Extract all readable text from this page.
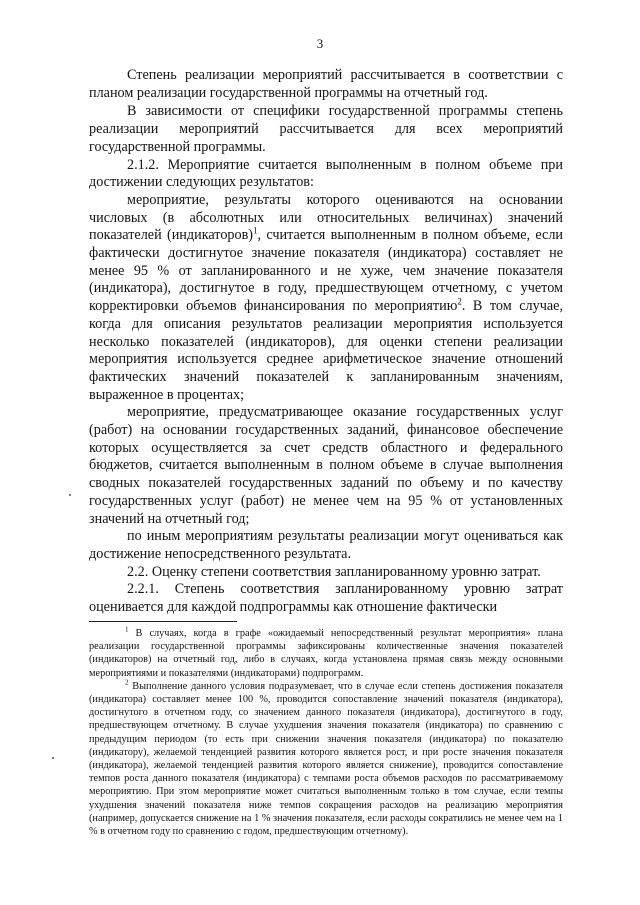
3

Степень реализации мероприятий рассчитывается в соответствии с планом реализации государственной программы на отчетный год.

В зависимости от специфики государственной программы степень реализации мероприятий рассчитывается для всех мероприятий государственной программы.

2.1.2. Мероприятие считается выполненным в полном объеме при достижении следующих результатов:

мероприятие, результаты которого оцениваются на основании числовых (в абсолютных или относительных величинах) значений показателей (индикаторов)$^1$, считается выполненным в полном объеме, если фактически достигнутое значение показателя (индикатора) составляет не менее 95 % от запланированного и не хуже, чем значение показателя (индикатора), достигнутое в году, предшествующем отчетному, с учетом корректировки объемов финансирования по мероприятию$^2$. В том случае, когда для описания результатов реализации мероприятия используется несколько показателей (индикаторов), для оценки степени реализации мероприятия используется среднее арифметическое значение отношений фактических значений показателей к запланированным значениям, выраженное в процентах;

мероприятие, предусматривающее оказание государственных услуг (работ) на основании государственных заданий, финансовое обеспечение которых осуществляется за счет средств областного и федерального бюджетов, считается выполненным в полном объеме в случае выполнения сводных показателей государственных заданий по объему и по качеству государственных услуг (работ) не менее чем на 95 % от установленных значений на отчетный год;

по иным мероприятиям результаты реализации могут оцениваться как достижение непосредственного результата.

2.2. Оценку степени соответствия запланированному уровню затрат.

2.2.1. Степень соответствия запланированному уровню затрат оценивается для каждой подпрограммы как отношение фактически

$^1$ В случаях, когда в графе «ожидаемый непосредственный результат мероприятия» плана реализации государственной программы зафиксированы количественные значения показателей (индикаторов) на отчетный год, либо в случаях, когда установлена прямая связь между основными мероприятиями и показателями (индикаторами) подпрограмм.

$^2$ Выполнение данного условия подразумевает, что в случае если степень достижения показателя (индикатора) составляет менее 100 %, проводится сопоставление значений показателя (индикатора), достигнутого в отчетном году, со значением данного показателя (индикатора), достигнутого в году, предшествующем отчетному. В случае ухудшения значения показателя (индикатора) по сравнению с предыдущим периодом (то есть при снижении значения показателя (индикатора) по показателю (индикатору), желаемой тенденцией развития которого является рост, и при росте значения показателя (индикатора), желаемой тенденцией развития которого является снижение), проводится сопоставление темпов роста данного показателя (индикатора) с темпами роста объемов расходов по рассматриваемому мероприятию. При этом мероприятие может считаться выполненным только в том случае, если темпы ухудшения значений показателя ниже темпов сокращения расходов на реализацию мероприятия (например, допускается снижение на 1 % значения показателя, если расходы сократились не менее чем на 1 % в отчетном году по сравнению с годом, предшествующим отчетному).
